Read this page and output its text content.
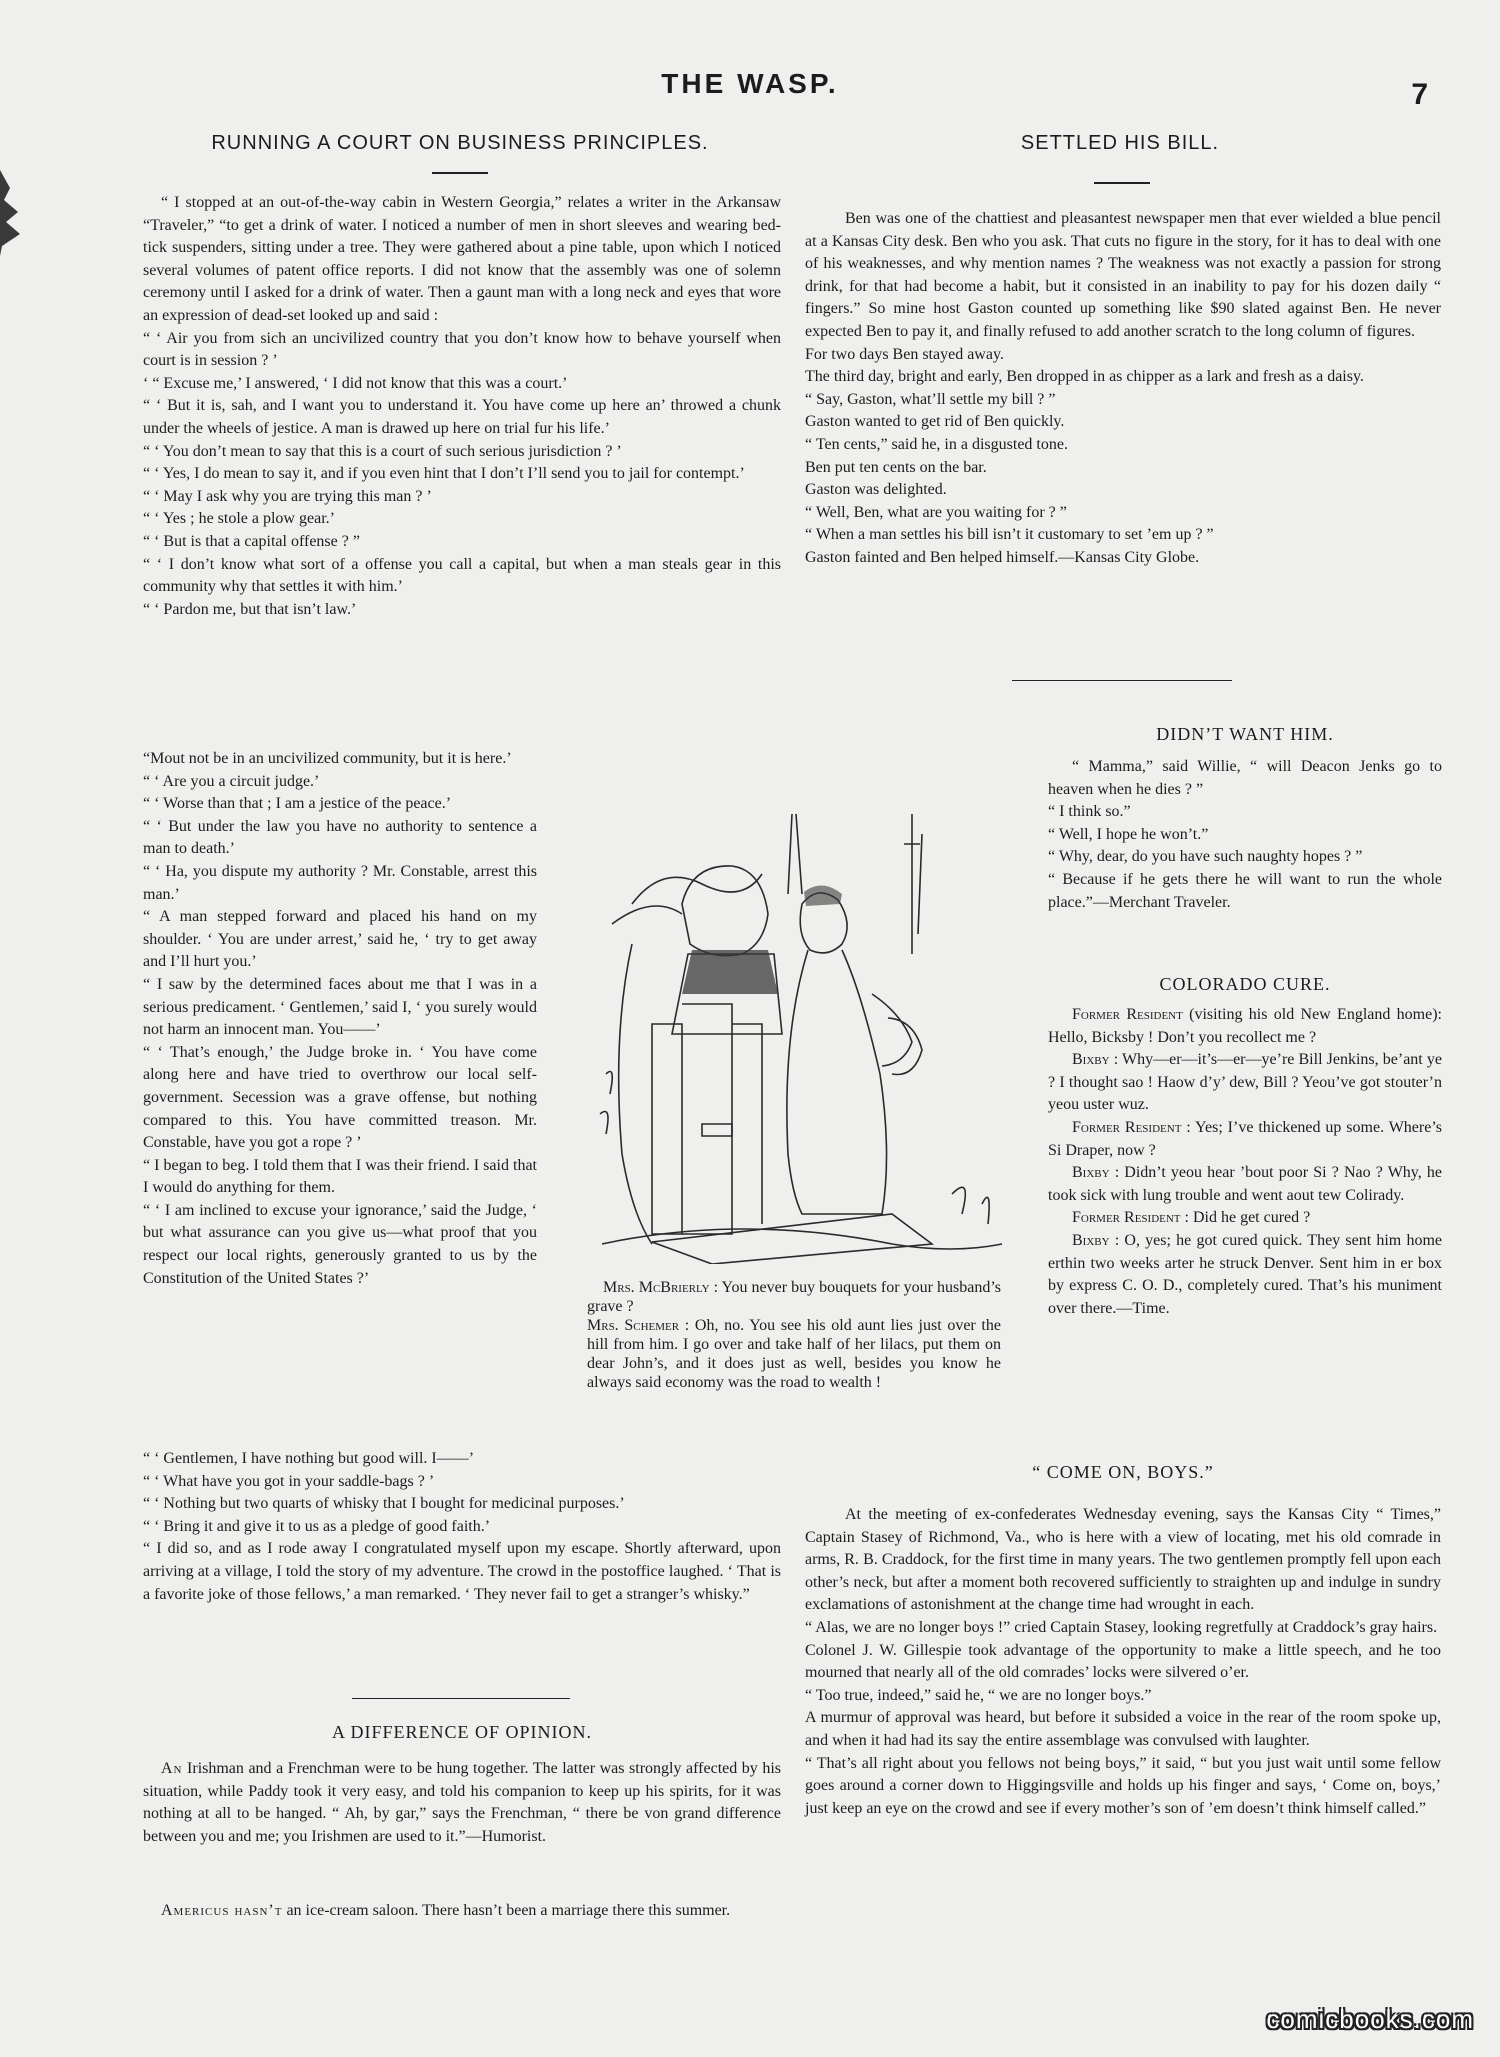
THE WASP.	7
RUNNING A COURT ON BUSINESS PRINCIPLES.

“ I stopped at an out-of-the-way cabin in Western Georgia,” relates a writer in the Arkansaw “Traveler,” “to get a drink of water. I noticed a number of men in short sleeves and wearing bed-tick suspenders, sitting under a tree. They were gathered about a pine table, upon which I noticed several volumes of patent office reports. I did not know that the assembly was one of solemn ceremony until I asked for a drink of water. Then a gaunt man with a long neck and eyes that wore an expression of dead-set looked up and said :
“ ‘ Air you from sich an uncivilized country that you don’t know how to behave yourself when court is in session ? ’
‘ “ Excuse me,’ I answered, ‘ I did not know that this was a court.’
“ ‘ But it is, sah, and I want you to understand it. You have come up here an’ throwed a chunk under the wheels of jestice. A man is drawed up here on trial fur his life.’
“ ‘ You don’t mean to say that this is a court of such serious jurisdiction ? ’
“ ‘ Yes, I do mean to say it, and if you even hint that I don’t I’ll send you to jail for contempt.’
“ ‘ May I ask why you are trying this man ? ’
“ ‘ Yes ; he stole a plow gear.’
“ ‘ But is that a capital offense ? ”
“ ‘ I don’t know what sort of a offense you call a capital, but when a man steals gear in this community why that settles it with him.’
“ ‘ Pardon me, but that isn’t law.’

“Mout not be in an uncivilized community, but it is here.’
“ ‘ Are you a circuit judge.’
“ ‘ Worse than that ; I am a jestice of the peace.’
“ ‘ But under the law you have no authority to sentence a man to death.’
“ ‘ Ha, you dispute my authority ? Mr. Constable, arrest this man.’
“ A man stepped forward and placed his hand on my shoulder. ‘ You are under arrest,’ said he, ‘ try to get away and I’ll hurt you.’
“ I saw by the determined faces about me that I was in a serious predicament. ‘ Gentlemen,’ said I, ‘ you surely would not harm an innocent man. You——’
“ ‘ That’s enough,’ the Judge broke in. ‘ You have come along here and have tried to overthrow our local self-government. Secession was a grave offense, but nothing compared to this. You have committed treason. Mr. Constable, have you got a rope ? ’
“ I began to beg. I told them that I was their friend. I said that I would do anything for them.
“ ‘ I am inclined to excuse your ignorance,’ said the Judge, ‘ but what assurance can you give us—what proof that you respect our local rights, generously granted to us by the Constitution of the United States ?’

“ ‘ Gentlemen, I have nothing but good will. I——’
“ ‘ What have you got in your saddle-bags ? ’
“ ‘ Nothing but two quarts of whisky that I bought for medicinal purposes.’
“ ‘ Bring it and give it to us as a pledge of good faith.’
“ I did so, and as I rode away I congratulated myself upon my escape. Shortly afterward, upon arriving at a village, I told the story of my adventure. The crowd in the postoffice laughed. ‘ That is a favorite joke of those fellows,’ a man remarked. ‘ They never fail to get a stranger’s whisky.”

A DIFFERENCE OF OPINION.

An Irishman and a Frenchman were to be hung together. The latter was strongly affected by his situation, while Paddy took it very easy, and told his companion to keep up his spirits, for it was nothing at all to be hanged. “ Ah, by gar,” says the Frenchman, “ there be von grand difference between you and me; you Irishmen are used to it.”—Humorist.

Americus hasn’t an ice-cream saloon. There hasn’t been a marriage there this summer.

Mrs. McBrierly : You never buy bouquets for your husband’s grave ?
Mrs. Schemer : Oh, no. You see his old aunt lies just over the hill from him. I go over and take half of her lilacs, put them on dear John’s, and it does just as well, besides you know he always said economy was the road to wealth !

SETTLED HIS BILL.

Ben was one of the chattiest and pleasantest newspaper men that ever wielded a blue pencil at a Kansas City desk. Ben who you ask. That cuts no figure in the story, for it has to deal with one of his weaknesses, and why mention names ? The weakness was not exactly a passion for strong drink, for that had become a habit, but it consisted in an inability to pay for his dozen daily “ fingers.” So mine host Gaston counted up something like $90 slated against Ben. He never expected Ben to pay it, and finally refused to add another scratch to the long column of figures.
For two days Ben stayed away.
The third day, bright and early, Ben dropped in as chipper as a lark and fresh as a daisy.
“ Say, Gaston, what’ll settle my bill ? ”
Gaston wanted to get rid of Ben quickly.
“ Ten cents,” said he, in a disgusted tone.
Ben put ten cents on the bar.
Gaston was delighted.
“ Well, Ben, what are you waiting for ? ”
“ When a man settles his bill isn’t it customary to set ’em up ? ”
Gaston fainted and Ben helped himself.—Kansas City Globe.

DIDN’T WANT HIM.

“ Mamma,” said Willie, “ will Deacon Jenks go to heaven when he dies ? ”
“ I think so.”
“ Well, I hope he won’t.”
“ Why, dear, do you have such naughty hopes ? ”
“ Because if he gets there he will want to run the whole place.”—Merchant Traveler.

COLORADO CURE.
Former Resident (visiting his old New England home): Hello, Bicksby ! Don’t you recollect me ?
Bixby : Why—er—it’s—er—ye’re Bill Jenkins, be’ant ye ? I thought sao ! Haow d’y’ dew, Bill ? Yeou’ve got stouter’n yeou uster wuz.
Former Resident : Yes; I’ve thickened up some. Where’s Si Draper, now ?
Bixby : Didn’t yeou hear ’bout poor Si ? Nao ? Why, he took sick with lung trouble and went aout tew Colirady.
Former Resident : Did he get cured ?
Bixby : O, yes; he got cured quick. They sent him home erthin two weeks arter he struck Denver. Sent him in er box by express C. O. D., completely cured. That’s his muniment over there.—Time.
“ COME ON, BOYS.”

At the meeting of ex-confederates Wednesday evening, says the Kansas City “ Times,” Captain Stasey of Richmond, Va., who is here with a view of locating, met his old comrade in arms, R. B. Craddock, for the first time in many years. The two gentlemen promptly fell upon each other’s neck, but after a moment both recovered sufficiently to straighten up and indulge in sundry exclamations of astonishment at the change time had wrought in each.
“ Alas, we are no longer boys !” cried Captain Stasey, looking regretfully at Craddock’s gray hairs.
Colonel J. W. Gillespie took advantage of the opportunity to make a little speech, and he too mourned that nearly all of the old comrades’ locks were silvered o’er.
“ Too true, indeed,” said he, “ we are no longer boys.”
A murmur of approval was heard, but before it subsided a voice in the rear of the room spoke up, and when it had had its say the entire assemblage was convulsed with laughter.
“ That’s all right about you fellows not being boys,” it said, “ but you just wait until some fellow goes around a corner down to Higgingsville and holds up his finger and says, ‘ Come on, boys,’ just keep an eye on the crowd and see if every mother’s son of ’em doesn’t think himself called.”

comicbooks.com
